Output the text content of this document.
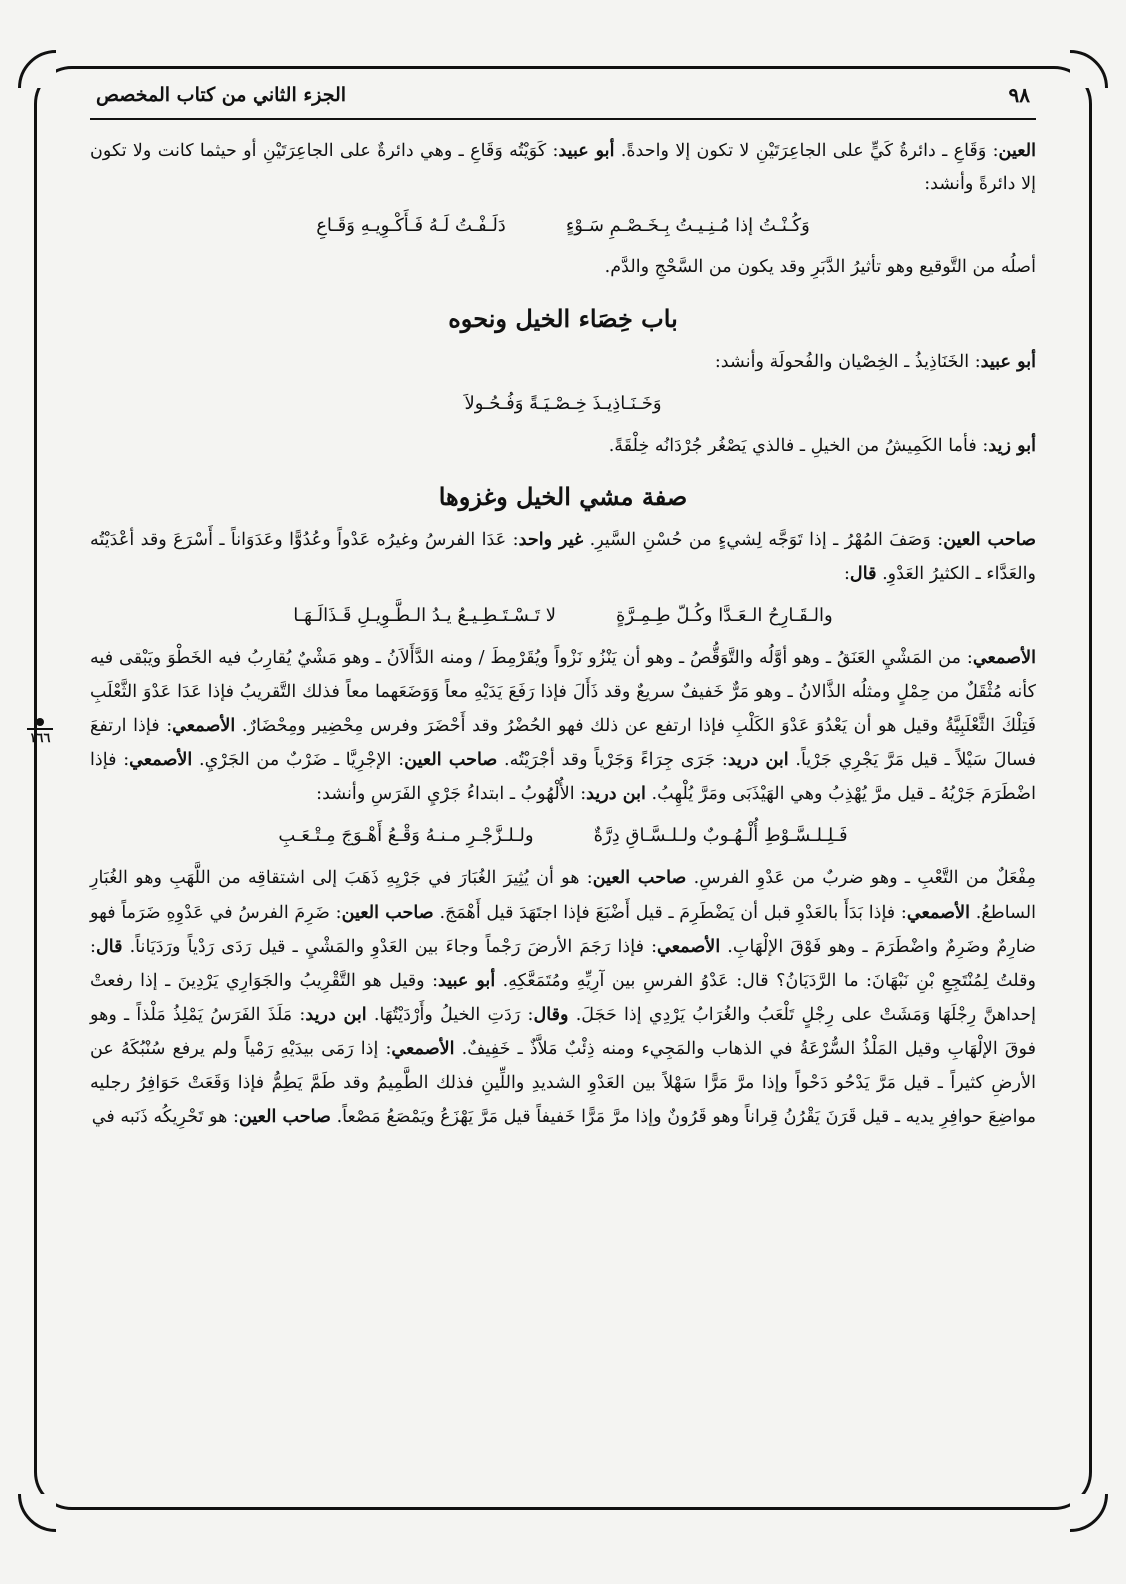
١٦٦
٩٨
الجزء الثاني من كتاب المخصص

العين: وَقَاعِ ـ دائرةُ كَيٍّ على الجاعِرَتَيْنِ لا تكون إلا واحدةً. أبو عبيد: كَوَيْتُه وَقَاعِ ـ وهي دائرةٌ على الجاعِرَتَيْنِ أو حيثما كانت ولا تكون إلا دائرةً وأنشد:

وَكُـنْـتُ إذا مُـنِـيـتُ بِـخَـصْـمِ سَـوْءٍ
دَلَـفْـتُ لَـهُ فَـأَكْـوِيـهِ وَقَـاعِ

أصلُه من التَّوقيع وهو تأثيرُ الدَّبَرِ وقد يكون من السَّحْجِ والدَّم.

باب خِصَاء الخيل ونحوه

أبو عبيد: الخَنَاذِيذُ ـ الخِصْيان والفُحولَة وأنشد:

وَخَـنَـاذِيـذَ خِـصْـيَـةً وَفُـحُـولاَ

أبو زيد: فأما الكَمِيشُ من الخيلِ ـ فالذي يَصْغُر جُرْدَانُه خِلْقَةً.

صفة مشي الخيل وغزوها

صاحب العين: وَصَفَ المُهْرُ ـ إذا تَوَجَّه لِشيءٍ من حُسْنِ السَّيرِ. غير واحد: عَدَا الفرسُ وغيرُه عَدْواً وعُدُوًّا وعَدَوَاناً ـ أَسْرَعَ وقد أعْدَيْتُه والعَدَّاء ـ الكثيرُ العَدْوِ. قال:

والـقَـارِحُ الـعَـدَّا وكُـلّ طِـمِـرَّةٍ
لا تَـسْـتَـطِـيـعُ يـدُ الـطَّـوِيـلِ قَـذَالَـهَـا

الأصمعي: من المَشْيِ العَنَقُ ـ وهو أوَّلُه والتَّوَقُّصُ ـ وهو أن يَنْزُو نَزْواً ويُقَرْمِطَ / ومنه الدَّأَلاَنُ ـ وهو مَشْيٌ يُقارِبُ فيه الخَطْوَ ويَبْقى فيه كأنه مُثْقَلٌ من حِمْلٍ ومثلُه الذَّالانُ ـ وهو مَرٌّ خَفيفٌ سريعٌ وقد ذَأَلَ فإذا رَفَعَ يَدَيْهِ معاً وَوَضَعَهما معاً فذلك التَّقريبُ فإذا عَدَا عَدْوَ الثَّعْلَبِ فَتِلْكَ الثَّعْلَبِيَّةُ وقيل هو أن يَعْدُوَ عَدْوَ الكَلْبِ فإذا ارتفع عن ذلك فهو الحُضْرُ وقد أَحْضَرَ وفرس مِحْضِير ومِحْضَارٌ. الأصمعي: فإذا ارتفعَ فسالَ سَيْلاً ـ قيل مَرَّ يَجْرِي جَرْياً. ابن دريد: جَرَى جِرَاءً وَجَرْياً وقد أجْرَيْتُه. صاحب العين: الإجْرِيَّا ـ ضَرْبٌ من الجَرْيِ. الأصمعي: فإذا اضْطَرَمَ جَرْيُهُ ـ قيل مرَّ يُهْذِبُ وهي الهَيْذَبَى ومَرَّ يُلْهِبُ. ابن دريد: الأُلْهُوبُ ـ ابتداءُ جَرْيِ الفَرَسِ وأنشد:

فَـلِـلـسَّـوْطِ أُلْـهُـوبٌ ولـلـسَّـاقِ دِرَّةٌ
ولـلـزَّجْـرِ مـنـهُ وَقْـعُ أَهْـوَجَ مِـتْـعَـبِ

مِفْعَلٌ من التَّعْبِ ـ وهو ضربٌ من عَدْوِ الفرسِ. صاحب العين: هو أن يُثِيرَ الغُبَارَ في جَرْيِهِ ذَهَبَ إلى اشتقاقِه من اللَّهَبِ وهو الغُبَارِ الساطعُ. الأصمعي: فإذا بَدَأَ بالعَدْوِ قبل أن يَضْطَرِمَ ـ قيل أَضْبَعَ فإذا اجتَهَدَ قيل أَهْمَجَ. صاحب العين: ضَرِمَ الفرسُ في عَدْوِهِ ضَرَماً فهو ضارِمٌ وضَرِمٌ واضْطَرَمَ ـ وهو فَوْقَ الإلْهَابِ. الأصمعي: فإذا رَجَمَ الأرضَ رَجْماً وجاءَ بين العَدْوِ والمَشْيِ ـ قيل رَدَى رَدْياً ورَدَيَاناً. قال: وقلتُ لِمُنْتَجِعِ بْنِ نَبْهَانَ: ما الرَّدَيَانُ؟ قال: عَدْوُ الفرسِ بين آرِيِّهِ ومُتَمَعَّكِهِ. أبو عبيد: وقيل هو التَّقْرِيبُ والجَوَارِي يَرْدِينَ ـ إذا رفعتْ إحداهنَّ رِجْلَهَا وَمَشَتْ على رِجْلٍ تَلْعَبُ والغُرَابُ يَرْدِي إذا حَجَلَ. وقال: رَدَتِ الخيلُ وأَرْدَيْتُهَا. ابن دريد: مَلَذَ الفَرَسُ يَمْلِذُ مَلْذاً ـ وهو فوقَ الإلْهَابِ وقيل المَلْذُ السُّرْعَةُ في الذهاب والمَجِيء ومنه ذِئْبٌ مَلاَّذٌ ـ خَفِيفٌ. الأصمعي: إذا رَمَى بيدَيْهِ رَمْياً ولم يرفع سُنْبُكَهُ عن الأرضِ كثيراً ـ قيل مَرَّ يَدْحُو دَحْواً وإذا مرَّ مَرًّا سَهْلاً بين العَدْوِ الشديدِ واللِّينِ فذلك الطَّمِيمُ وقد طَمَّ يَطِمُّ فإذا وَقَعَتْ حَوَافِرُ رجليه مواضِعَ حوافِرِ يديه ـ قيل قَرَنَ يَقْرُنُ قِراناً وهو قَرُونٌ وإذا مرَّ مَرًّا خَفيفاً قيل مَرَّ يَهْزَعُ ويَمْصَعُ مَصْعاً. صاحب العين: هو تَحْرِيكُه ذَنَبه في
